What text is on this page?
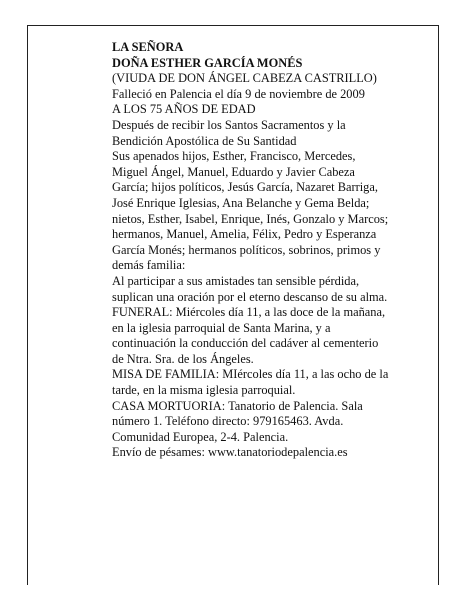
LA SEÑORA
DOÑA ESTHER GARCÍA MONÉS
(VIUDA DE DON ÁNGEL CABEZA CASTRILLO)
Falleció en Palencia el día 9 de noviembre de 2009
A LOS 75 AÑOS DE EDAD
Después de recibir los Santos Sacramentos y la
Bendición Apostólica de Su Santidad
Sus apenados hijos, Esther, Francisco, Mercedes,
Miguel Ángel, Manuel, Eduardo y Javier Cabeza
García; hijos políticos, Jesús García, Nazaret Barriga,
José Enrique Iglesias, Ana Belanche y Gema Belda;
nietos, Esther, Isabel, Enrique, Inés, Gonzalo y Marcos;
hermanos, Manuel, Amelia, Félix, Pedro y Esperanza
García Monés; hermanos políticos, sobrinos, primos y
demás familia:
Al participar a sus amistades tan sensible pérdida,
suplican una oración por el eterno descanso de su alma.
FUNERAL: Miércoles día 11, a las doce de la mañana,
en la iglesia parroquial de Santa Marina, y a
continuación la conducción del cadáver al cementerio
de Ntra. Sra. de los Ángeles.
MISA DE FAMILIA: MIércoles día 11, a las ocho de la
tarde, en la misma iglesia parroquial.
CASA MORTUORIA: Tanatorio de Palencia. Sala
número 1. Teléfono directo: 979165463. Avda.
Comunidad Europea, 2-4. Palencia.
Envío de pésames: www.tanatoriodepalencia.es
